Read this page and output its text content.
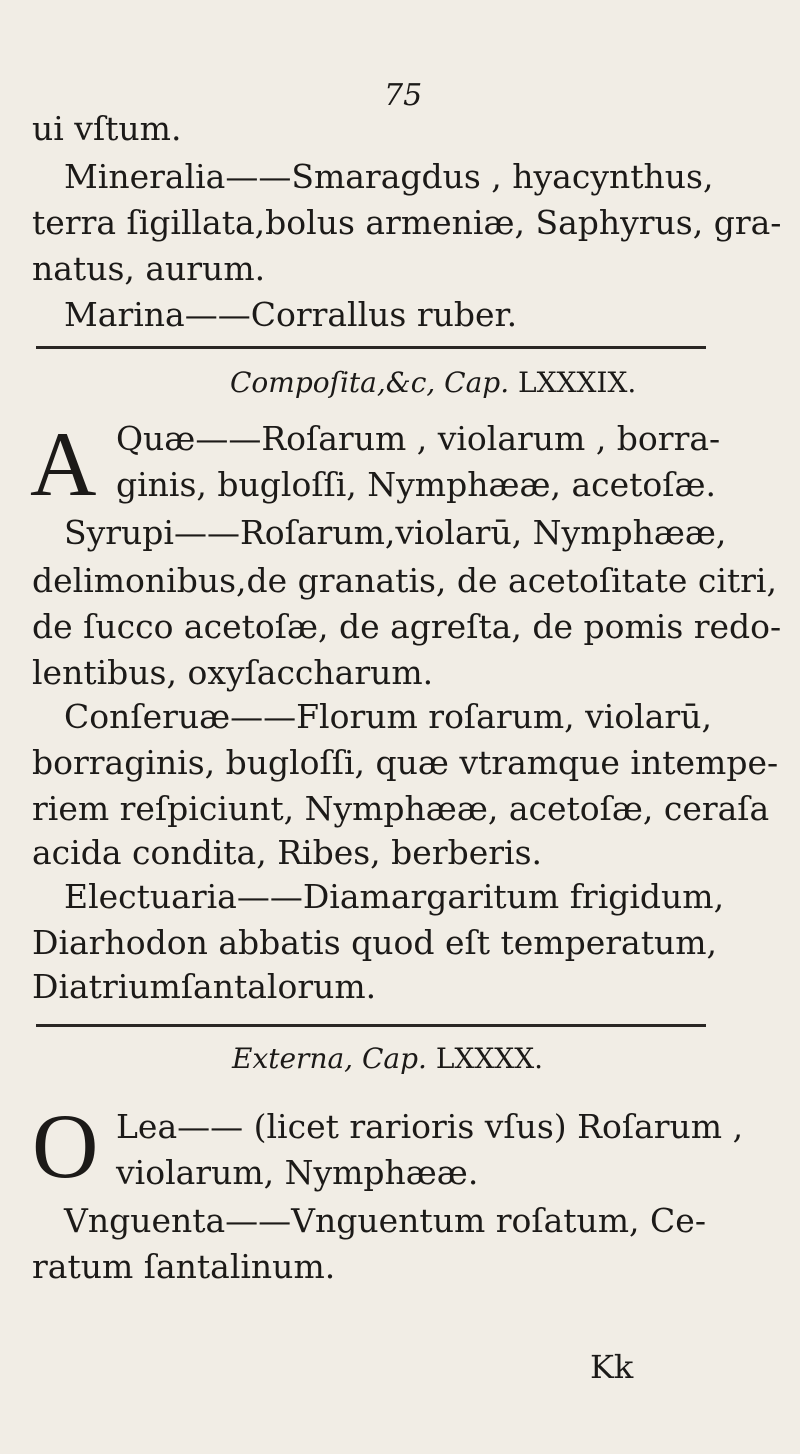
75
ui vſtum.
Mineralia——Smaragdus , hyacynthus,
terra ſigillata,bolus armeniæ, Saphyrus, gra-
natus, aurum.
Marina——Corrallus ruber.
Compoſita,&c, Cap. LXXXIX.
A Quæ——Roſarum , violarum , borra-
ginis, bugloſſi, Nymphææ, acetoſæ.
Syrupi——Roſarum,violarū, Nymphææ,
delimonibus,de granatis, de acetoſitate citri,
de ſucco acetoſæ, de agreſta, de pomis redo-
lentibus, oxyſaccharum.
Conſeruæ——Florum roſarum, violarū,
borraginis, bugloſſi, quæ vtramque intempe-
riem reſpiciunt, Nymphææ, acetoſæ, ceraſa
acida condita, Ribes, berberis.
Electuaria——Diamargaritum frigidum,
Diarhodon abbatis quod eſt temperatum,
Diatriumſantalorum.
Externa, Cap. LXXXX.
O Lea—— (licet rarioris vſus) Roſarum ,
violarum, Nymphææ.
Vnguenta——Vnguentum roſatum, Ce-
ratum ſantalinum.
Kk
